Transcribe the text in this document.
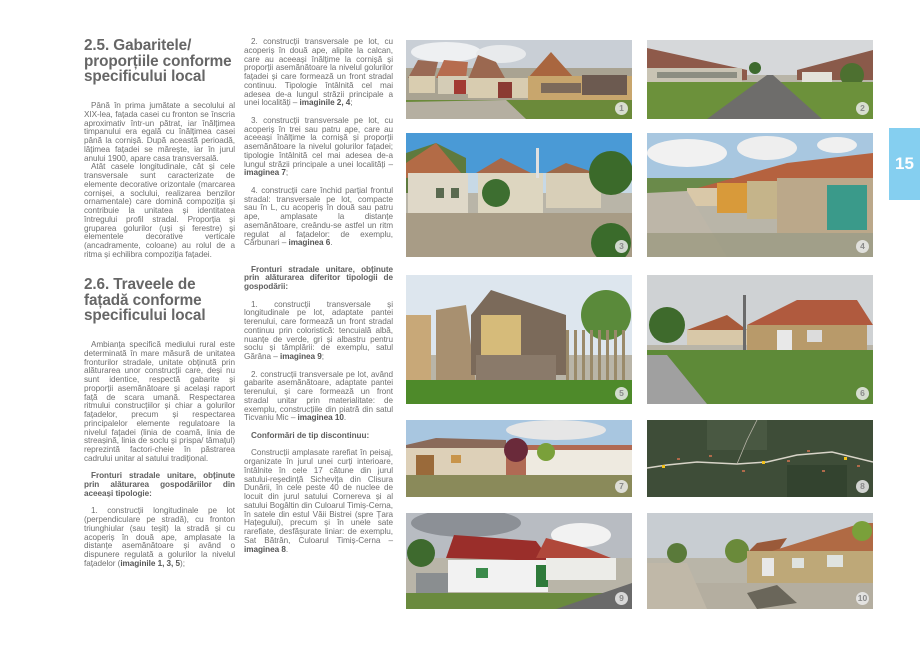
2.5. Gabaritele/ proporțiile conforme specificului local

Până în prima jumătate a secolului al XIX-lea, fațada casei cu fronton se înscria aproximativ într-un pătrat, iar înălțimea timpanului era egală cu înălțimea casei până la cornișă. După această perioadă, lățimea fațadei se mărește, iar în jurul anului 1900, apare casa transversală.

Atât casele longitudinale, cât și cele transversale sunt caracterizate de elemente decorative orizontale (marcarea cornișei, a soclului, realizarea benzilor ornamentale) care domină compoziția și contribuie la unitatea și identitatea întregului profil stradal. Proporția și gruparea golurilor (uși și ferestre) și elementele decorative verticale (ancadramente, coloane) au rolul de a ritma și echilibra compoziția fațadei.

2.6. Traveele de fațadă conforme specificului local

Ambianța specifică mediului rural este determinată în mare măsură de unitatea fronturilor stradale, unitate obținută prin alăturarea unor construcții care, deși nu sunt identice, respectă gabarite și proporții asemănătoare și același raport față de scara umană. Respectarea ritmului construcțiilor și chiar a golurilor fațadelor, precum și respectarea principalelor elemente regulatoare la nivelul fațadei (linia de coamă, linia de streașină, linia de soclu și prispa/ tâmațul) reprezintă factori-cheie în păstrarea cadrului unitar al satului tradițional.

Fronturi stradale unitare, obținute prin alăturarea gospodăriilor din aceeași tipologie:

1. construcții longitudinale pe lot (perpendiculare pe stradă), cu fronton triunghiular (sau teșit) la stradă și cu acoperiș în două ape, amplasate la distanțe asemănătoare și având o dispunere regulată a golurilor la nivelul fațadelor (imaginile 1, 3, 5);

2. construcții transversale pe lot, cu acoperiș în două ape, alipite la calcan, care au aceeași înălțime la cornișă și proporții asemănătoare la nivelul golurilor fațadei și care formează un front stradal continuu. Tipologie întâlnită cel mai adesea de-a lungul străzii principale a unei localități – imaginile 2, 4;

3. construcții transversale pe lot, cu acoperiș în trei sau patru ape, care au aceeași înălțime la cornișă și proporții asemănătoare la nivelul golurilor fațadei; tipologie întâlnită cel mai adesea de-a lungul străzii principale a unei localități – imaginea 7;

4. construcții care închid parțial frontul stradal: transversale pe lot, compacte sau în L, cu acoperiș în două sau patru ape, amplasate la distanțe asemănătoare, creându-se astfel un ritm regulat al fațadelor: de exemplu, Cărbunari – imaginea 6.

Fronturi stradale unitare, obținute prin alăturarea diferitor tipologii de gospodării:

1. construcții transversale și longitudinale pe lot, adaptate pantei terenului, care formează un front stradal continuu prin coloristică: tencuială albă, nuanțe de verde, gri și albastru pentru soclu și tâmplării: de exemplu, satul Gărâna – imaginea 9;

2. construcții transversale pe lot, având gabarite asemănătoare, adaptate pantei terenului, și care formează un front stradal unitar prin materialitate: de exemplu, construcțiile din piatră din satul Ticvaniu Mic – imaginea 10.

Conformări de tip discontinuu:

Construcții amplasate rarefiat în peisaj, organizate în jurul unei curți interioare, întâlnite în cele 17 cătune din jurul satului-reședință Sichevița din Clisura Dunării, în cele peste 40 de nuclee de locuit din jurul satului Cornereva și al satului Bogâltin din Culoarul Timiș-Cerna, în satele din estul Văii Bistrei (spre Țara Hațegului), precum și în unele sate rarefiate, desfășurate liniar: de exemplu, Sat Bătrân, Culoarul Timiș-Cerna – imaginea 8.

1	2
3	4
5	6
7	8
9	10
15
